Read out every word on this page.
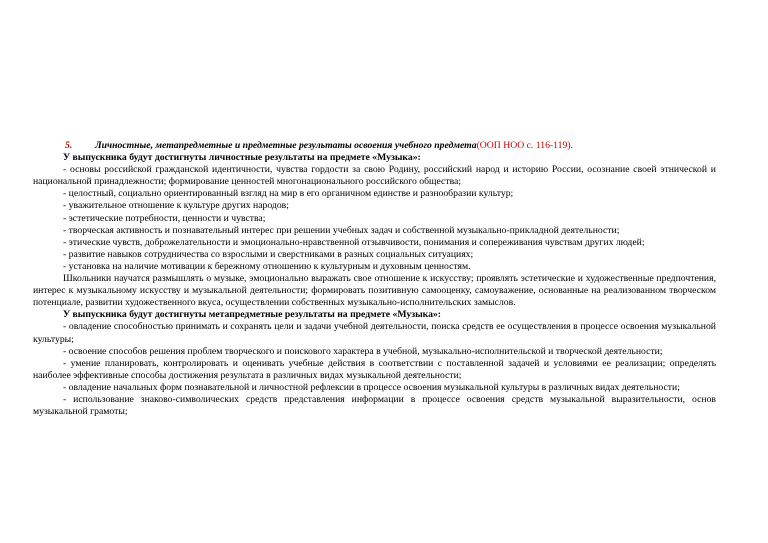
5. Личностные, метапредметные и предметные результаты освоения учебного предмета(ООП НОО с. 116-119).

У выпускника будут достигнуты личностные результаты на предмете «Музыка»:

- основы российской гражданской идентичности, чувства гордости за свою Родину, российский народ и историю России, осознание своей этнической и национальной принадлежности; формирование ценностей многонационального российского общества;

- целостный, социально ориентированный взгляд на мир в его органичном единстве и разнообразии культур;

- уважительное отношение к культуре других народов;

- эстетические потребности, ценности и чувства;

- творческая активность и познавательный интерес при решении учебных задач и собственной музыкально-прикладной деятельности;

- этические чувств, доброжелательности и эмоционально-нравственной отзывчивости, понимания и сопереживания чувствам других людей;

- развитие навыков сотрудничества со взрослыми и сверстниками в разных социальных ситуациях;

- установка на наличие мотивации к бережному отношению к культурным и духовным ценностям.

Школьники научатся размышлять о музыке, эмоционально выражать свое отношение к искусству; проявлять эстетические и художественные предпочтения, интерес к музыкальному искусству и музыкальной деятельности; формировать позитивную самооценку, самоуважение, основанные на реализованном творческом потенциале, развитии художественного вкуса, осуществлении собственных музыкально-исполнительских замыслов.

У выпускника будут достигнуты метапредметные результаты на предмете «Музыка»:

- овладение способностью принимать и сохранять цели и задачи учебной деятельности, поиска средств ее осуществления в процессе освоения музыкальной культуры;

- освоение способов решения проблем творческого и поискового характера в учебной, музыкально-исполнительской и творческой деятельности;

- умение планировать, контролировать и оценивать учебные действия в соответствии с поставленной задачей и условиями ее реализации; определять наиболее эффективные способы достижения результата в различных видах музыкальной деятельности;

- овладение начальных форм познавательной и личностной рефлексии в процессе освоения музыкальной культуры в различных видах деятельности;

- использование знаково-символических средств представления информации в процессе освоения средств музыкальной выразительности, основ музыкальной грамоты;
